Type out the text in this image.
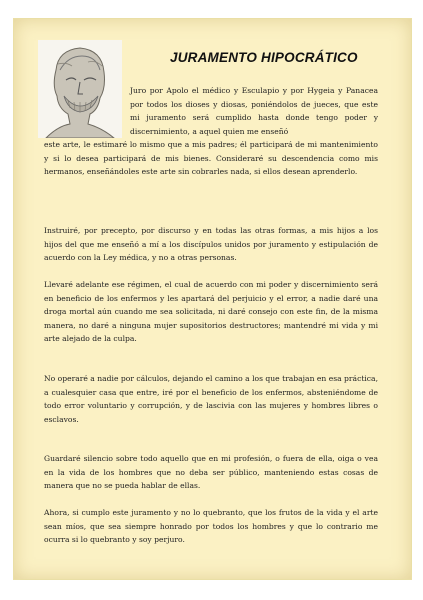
JURAMENTO HIPOCRÁTICO

Juro por Apolo el médico y Esculapio y por Hygeia y Panacea por todos los dioses y diosas, poniéndolos de jueces, que este mi juramento será cumplido hasta donde tengo poder y discernimiento, a aquel quien me enseñó

este arte, le estimaré lo mismo que a mis padres; él participará de mi mantenimiento y si lo desea participará de mis bienes. Consideraré su descendencia como mis hermanos, enseñándoles este arte sin cobrarles nada, si ellos desean aprenderlo.

Instruiré, por precepto, por discurso y en todas las otras formas, a mis hijos a los hijos del que me enseñó a mí a los discípulos unidos por juramento y estipulación de acuerdo con la Ley médica, y no a otras personas.

Llevaré adelante ese régimen, el cual de acuerdo con mi poder y discernimiento será en beneficio de los enfermos y les apartará del perjuicio y el error, a nadie daré una droga mortal aún cuando me sea solicitada, ni daré consejo con este fin, de la misma manera, no daré a ninguna mujer supositorios destructores; mantendré mi vida y mi arte alejado de la culpa.

No operaré a nadie por cálculos, dejando el camino a los que trabajan en esa práctica, a cualesquier casa que entre, iré por el beneficio de los enfermos, absteniéndome de todo error voluntario y corrupción, y de lascivia con las mujeres y hombres libres o esclavos.

Guardaré silencio sobre todo aquello que en mi profesión, o fuera de ella, oiga o vea en la vida de los hombres que no deba ser público, manteniendo estas cosas de manera que no se pueda hablar de ellas.

Ahora, si cumplo este juramento y no lo quebranto, que los frutos de la vida y el arte sean míos, que sea siempre honrado por todos los hombres y que lo contrario me ocurra si lo quebranto y soy perjuro.
